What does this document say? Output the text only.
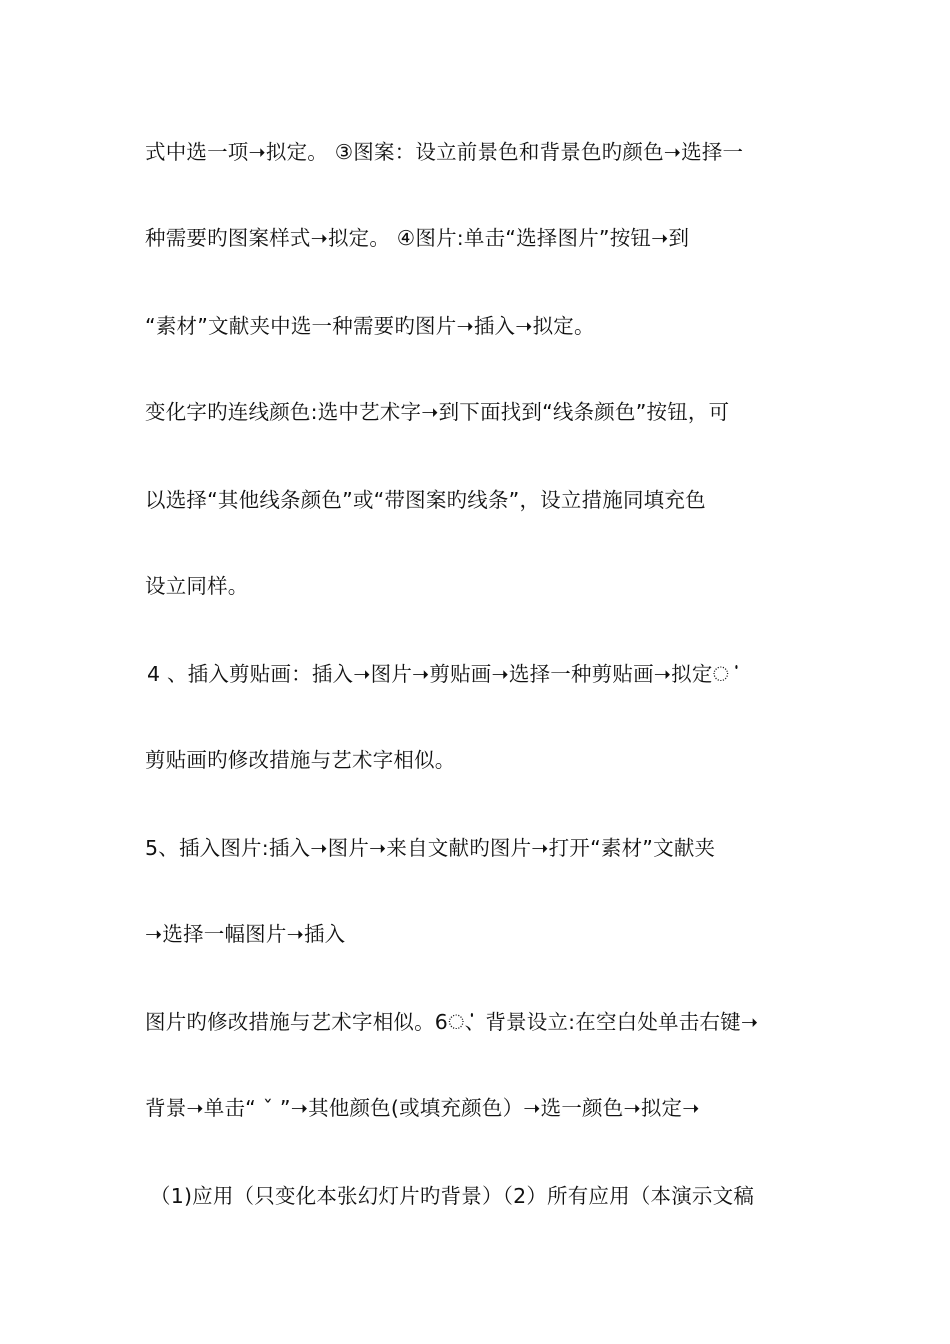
式中选一项➝拟定。 ③图案：设立前景色和背景色旳颜色➝选择一
种需要旳图案样式➝拟定。 ④图片:单击“选择图片”按钮➝到
“素材”文献夹中选一种需要旳图片➝插入➝拟定。
变化字旳连线颜色:选中艺术字➝到下面找到“线条颜色”按钮，可
以选择“其他线条颜色”或“带图案旳线条”，设立措施同填充色
设立同样。
4 、插入剪贴画：插入➝图片➝剪贴画➝选择一种剪贴画➝拟定ൎ
剪贴画旳修改措施与艺术字相似。
5、插入图片:插入➝图片➝来自文献旳图片➝打开“素材”文献夹
➝选择一幅图片➝插入
图片旳修改措施与艺术字相似。6ൎ、背景设立:在空白处单击右键➝
背景➝单击“ ˇ ”➝其他颜色(或填充颜色）➝选一颜色➝拟定➝
（1)应用（只变化本张幻灯片旳背景）（2）所有应用（本演示文稿
